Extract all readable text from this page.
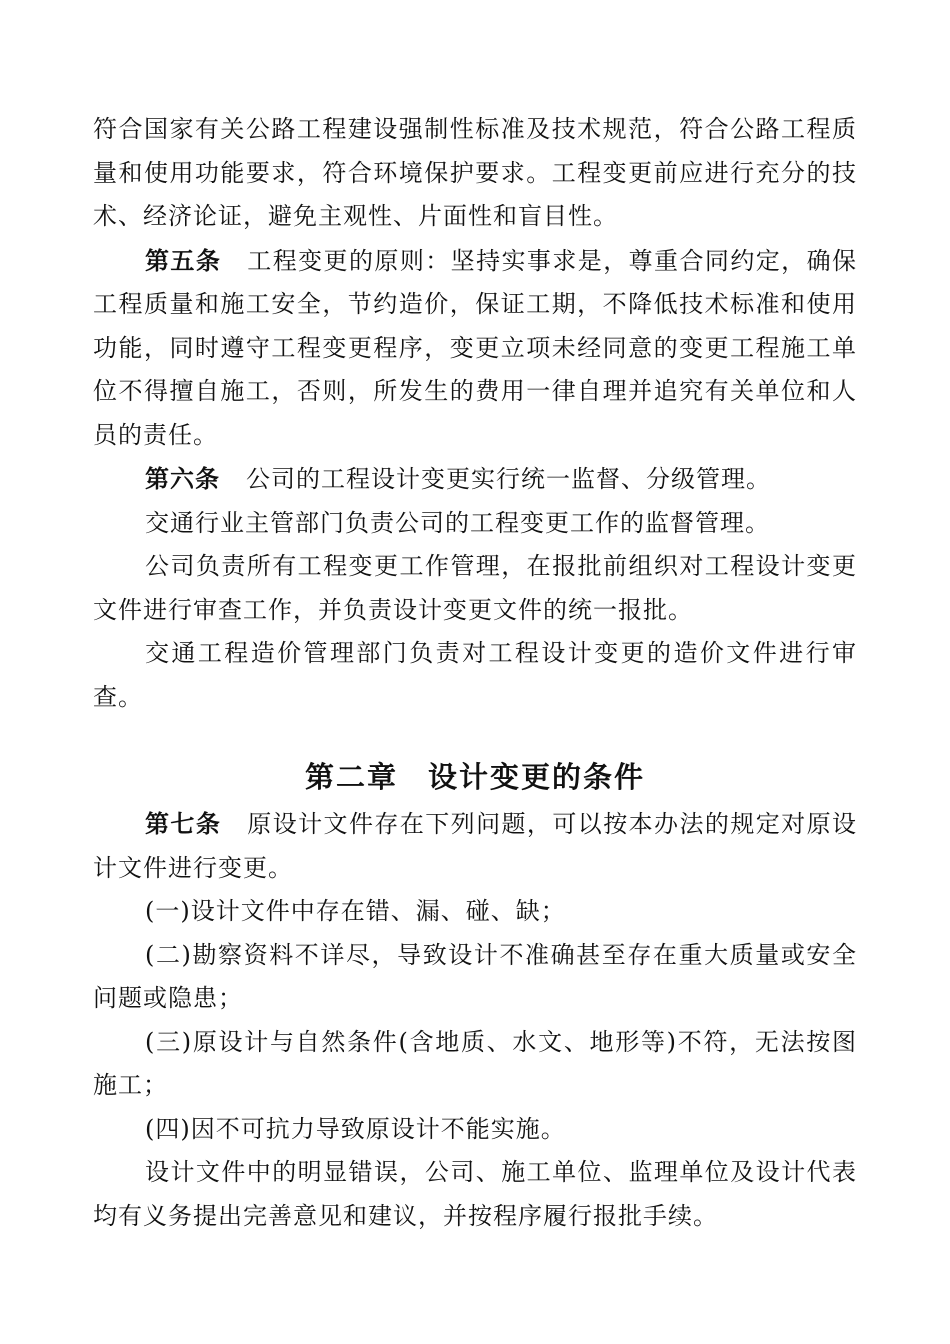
符合国家有关公路工程建设强制性标准及技术规范，符合公路工程质量和使用功能要求，符合环境保护要求。工程变更前应进行充分的技术、经济论证，避免主观性、片面性和盲目性。

第五条 工程变更的原则：坚持实事求是，尊重合同约定，确保工程质量和施工安全，节约造价，保证工期，不降低技术标准和使用功能，同时遵守工程变更程序，变更立项未经同意的变更工程施工单位不得擅自施工，否则，所发生的费用一律自理并追究有关单位和人员的责任。

第六条 公司的工程设计变更实行统一监督、分级管理。

交通行业主管部门负责公司的工程变更工作的监督管理。

公司负责所有工程变更工作管理，在报批前组织对工程设计变更文件进行审查工作，并负责设计变更文件的统一报批。

交通工程造价管理部门负责对工程设计变更的造价文件进行审查。

第二章 设计变更的条件

第七条 原设计文件存在下列问题，可以按本办法的规定对原设计文件进行变更。

(一)设计文件中存在错、漏、碰、缺；

(二)勘察资料不详尽，导致设计不准确甚至存在重大质量或安全问题或隐患；

(三)原设计与自然条件(含地质、水文、地形等)不符，无法按图施工；

(四)因不可抗力导致原设计不能实施。

设计文件中的明显错误，公司、施工单位、监理单位及设计代表均有义务提出完善意见和建议，并按程序履行报批手续。
